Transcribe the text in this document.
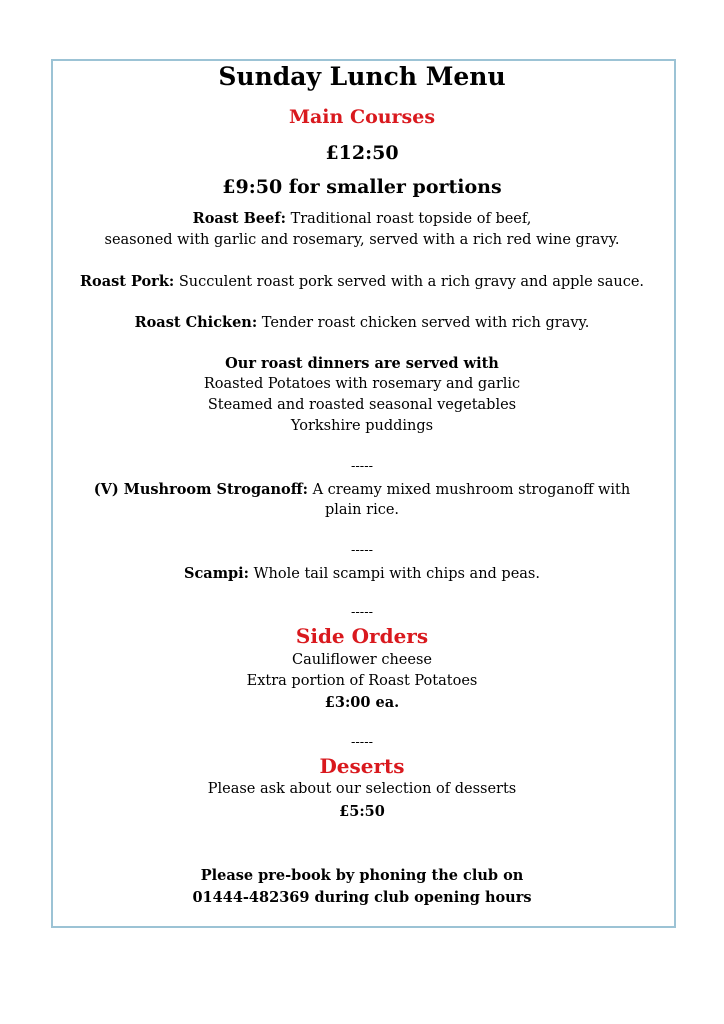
Sunday Lunch Menu
Main Courses
£12:50
£9:50 for smaller portions
Roast Beef: Traditional roast topside of beef,
seasoned with garlic and rosemary, served with a rich red wine gravy.
Roast Pork: Succulent roast pork served with a rich gravy and apple sauce.
Roast Chicken: Tender roast chicken served with rich gravy.
Our roast dinners are served with
Roasted Potatoes with rosemary and garlic
Steamed and roasted seasonal vegetables
Yorkshire puddings
-----
(V) Mushroom Stroganoff: A creamy mixed mushroom stroganoff with
plain rice.
-----
Scampi: Whole tail scampi with chips and peas.
-----
Side Orders
Cauliflower cheese
Extra portion of Roast Potatoes
£3:00 ea.
-----
Deserts
Please ask about our selection of desserts
£5:50
Please pre-book by phoning the club on
01444-482369 during club opening hours
